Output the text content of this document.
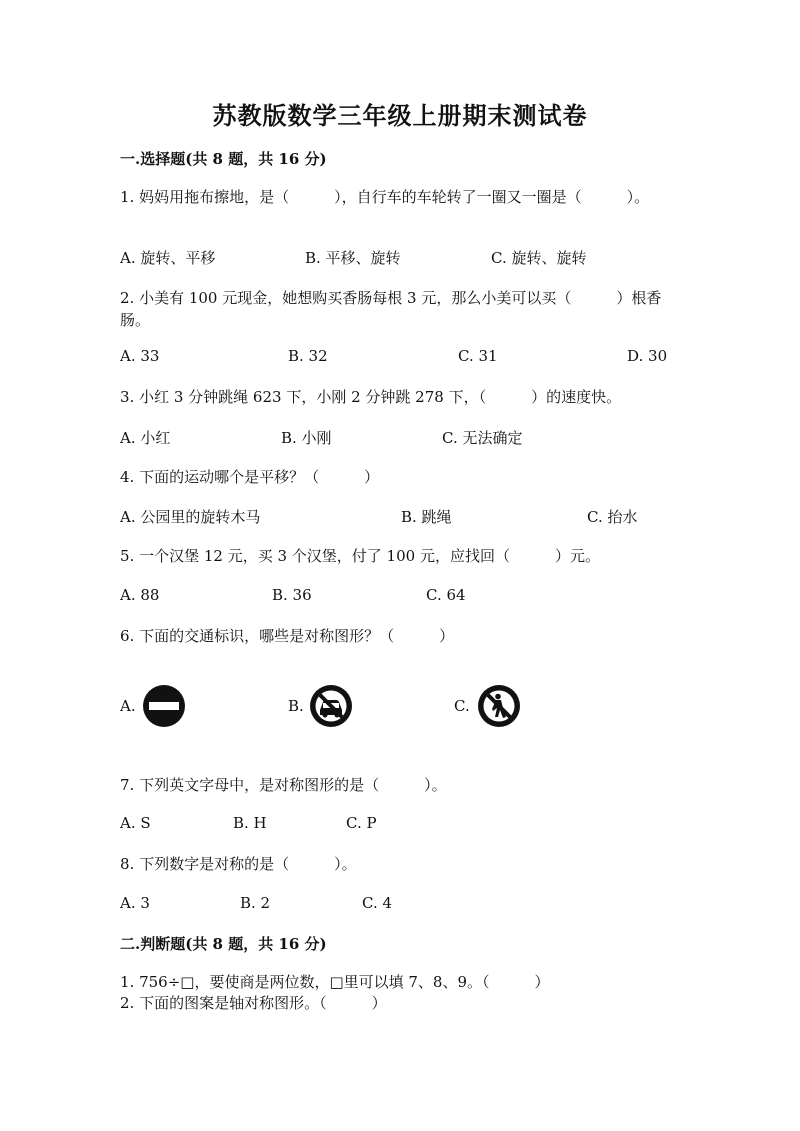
苏教版数学三年级上册期末测试卷
一.选择题(共 8 题，共 16 分)
1. 妈妈用拖布擦地，是（　　　），自行车的车轮转了一圈又一圈是（　　　）。
A. 旋转、平移	B. 平移、旋转	C. 旋转、旋转
2. 小美有 100 元现金，她想购买香肠每根 3 元，那么小美可以买（　　　）根香肠。
A. 33	B. 32	C. 31	D. 30
3. 小红 3 分钟跳绳 623 下，小刚 2 分钟跳 278 下，（　　　）的速度快。
A. 小红	B. 小刚	C. 无法确定
4. 下面的运动哪个是平移？（　　　）
A. 公园里的旋转木马	B. 跳绳	C. 抬水
5. 一个汉堡 12 元，买 3 个汉堡，付了 100 元，应找回（　　　）元。
A. 88	B. 36	C. 64
6. 下面的交通标识，哪些是对称图形？（　　　）
A.	B.	C.
7. 下列英文字母中，是对称图形的是（　　　）。
A. S	B. H	C. P
8. 下列数字是对称的是（　　　）。
A. 3	B. 2	C. 4
二.判断题(共 8 题，共 16 分)
1. 756÷□，要使商是两位数，□里可以填 7、8、9。（　　　）
2. 下面的图案是轴对称图形。（　　　）
